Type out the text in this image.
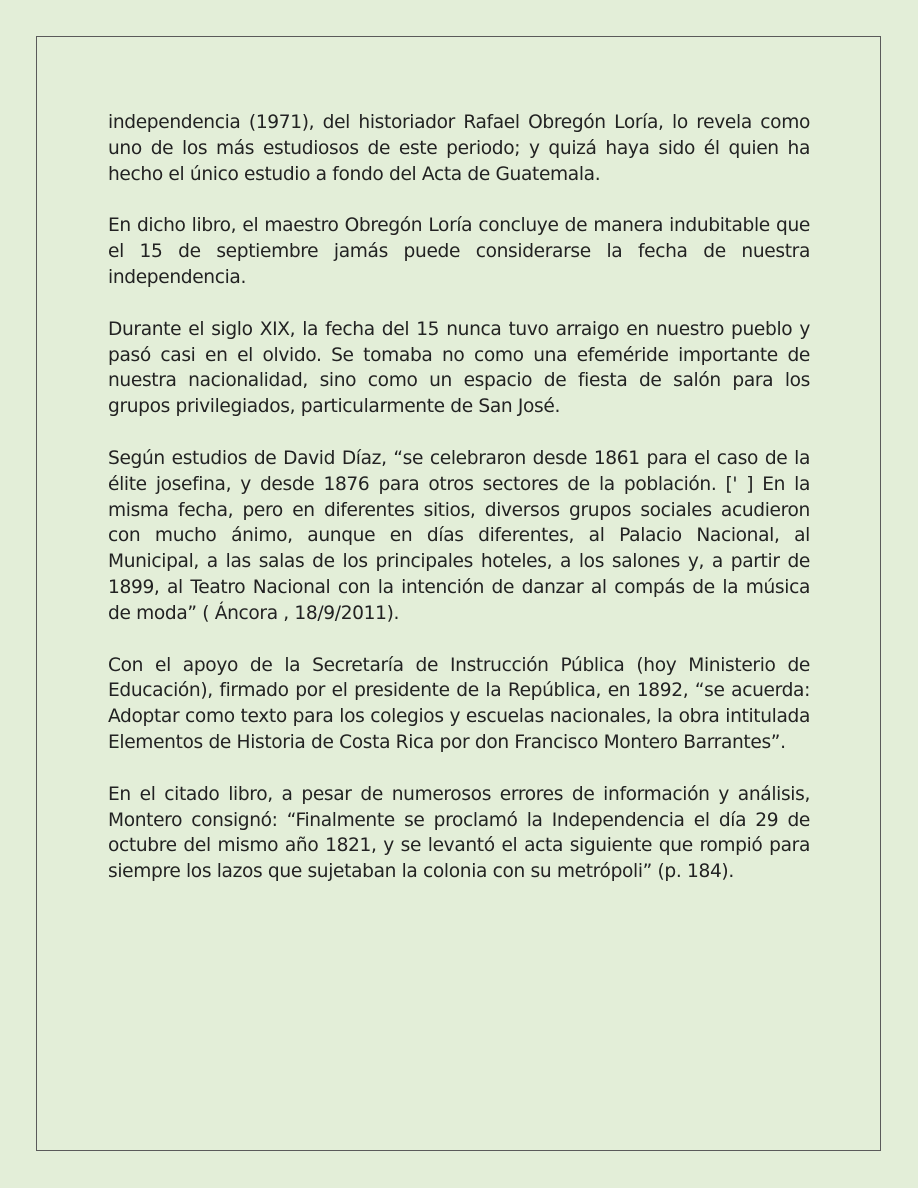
independencia (1971), del historiador Rafael Obregón Loría, lo revela como uno de los más estudiosos de este periodo; y quizá haya sido él quien ha hecho el único estudio a fondo del Acta de Guatemala.

En dicho libro, el maestro Obregón Loría concluye de manera indubitable que el 15 de septiembre jamás puede considerarse la fecha de nuestra independencia.

Durante el siglo XIX, la fecha del 15 nunca tuvo arraigo en nuestro pueblo y pasó casi en el olvido. Se tomaba no como una efeméride importante de nuestra nacionalidad, sino como un espacio de fiesta de salón para los grupos privilegiados, particularmente de San José.

Según estudios de David Díaz, “se celebraron desde 1861 para el caso de la élite josefina, y desde 1876 para otros sectores de la población. [' ] En la misma fecha, pero en diferentes sitios, diversos grupos sociales acudieron con mucho ánimo, aunque en días diferentes, al Palacio Nacional, al Municipal, a las salas de los principales hoteles, a los salones y, a partir de 1899, al Teatro Nacional con la intención de danzar al compás de la música de moda” ( Áncora , 18/9/2011).

Con el apoyo de la Secretaría de Instrucción Pública (hoy Ministerio de Educación), firmado por el presidente de la República, en 1892, “se acuerda: Adoptar como texto para los colegios y escuelas nacionales, la obra intitulada Elementos de Historia de Costa Rica por don Francisco Montero Barrantes”.

En el citado libro, a pesar de numerosos errores de información y análisis, Montero consignó: “Finalmente se proclamó la Independencia el día 29 de octubre del mismo año 1821, y se levantó el acta siguiente que rompió para siempre los lazos que sujetaban la colonia con su metrópoli” (p. 184).
